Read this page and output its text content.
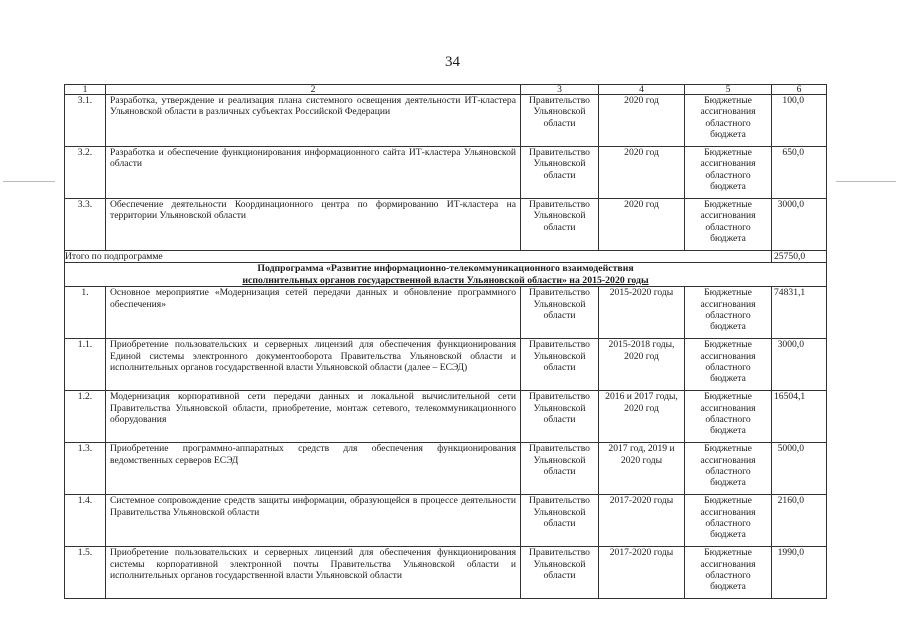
34
1	2	3	4	5	6
3.1.	Разработка, утверждение и реализация плана системного освещения деятельности ИТ-кластера Ульяновской области в различных субъектах Российской Федерации	Правительство Ульяновской области	2020 год	Бюджетные ассигнования областного бюджета	100,0
3.2.	Разработка и обеспечение функционирования информационного сайта ИТ-кластера Ульяновской области	Правительство Ульяновской области	2020 год	Бюджетные ассигнования областного бюджета	650,0
3.3.	Обеспечение деятельности Координационного центра по формированию ИТ-кластера на территории Ульяновской области	Правительство Ульяновской области	2020 год	Бюджетные ассигнования областного бюджета	3000,0
Итого по подпрограмме					25750,0

Подпрограмма «Развитие информационно-телекоммуникационного взаимодействия
исполнительных органов государственной власти Ульяновской области» на 2015-2020 годы					

1.	Основное мероприятие «Модернизация сетей передачи данных и обновление программного обеспечения»	Правительство Ульяновской области	2015-2020 годы	Бюджетные ассигнования областного бюджета	74831,1
1.1.	Приобретение пользовательских и серверных лицензий для обеспечения функционирования Единой системы электронного документооборота Правительства Ульяновской области и исполнительных органов государственной власти Ульяновской области (далее – ЕСЭД)	Правительство Ульяновской области	2015-2018 годы, 2020 год	Бюджетные ассигнования областного бюджета	3000,0
1.2.	Модернизация корпоративной сети передачи данных и локальной вычислительной сети Правительства Ульяновской области, приобретение, монтаж сетевого, телекоммуникационного оборудования	Правительство Ульяновской области	2016 и 2017 годы, 2020 год	Бюджетные ассигнования областного бюджета	16504,1
1.3.	Приобретение программно-аппаратных средств для обеспечения функционирования ведомственных серверов ЕСЭД	Правительство Ульяновской области	2017 год, 2019 и 2020 годы	Бюджетные ассигнования областного бюджета	5000,0
1.4.	Системное сопровождение средств защиты информации, образующейся в процессе деятельности Правительства Ульяновской области	Правительство Ульяновской области	2017-2020 годы	Бюджетные ассигнования областного бюджета	2160,0
1.5.	Приобретение пользовательских и серверных лицензий для обеспечения функционирования системы корпоративной электронной почты Правительства Ульяновской области и исполнительных органов государственной власти Ульяновской области	Правительство Ульяновской области	2017-2020 годы	Бюджетные ассигнования областного бюджета	1990,0
